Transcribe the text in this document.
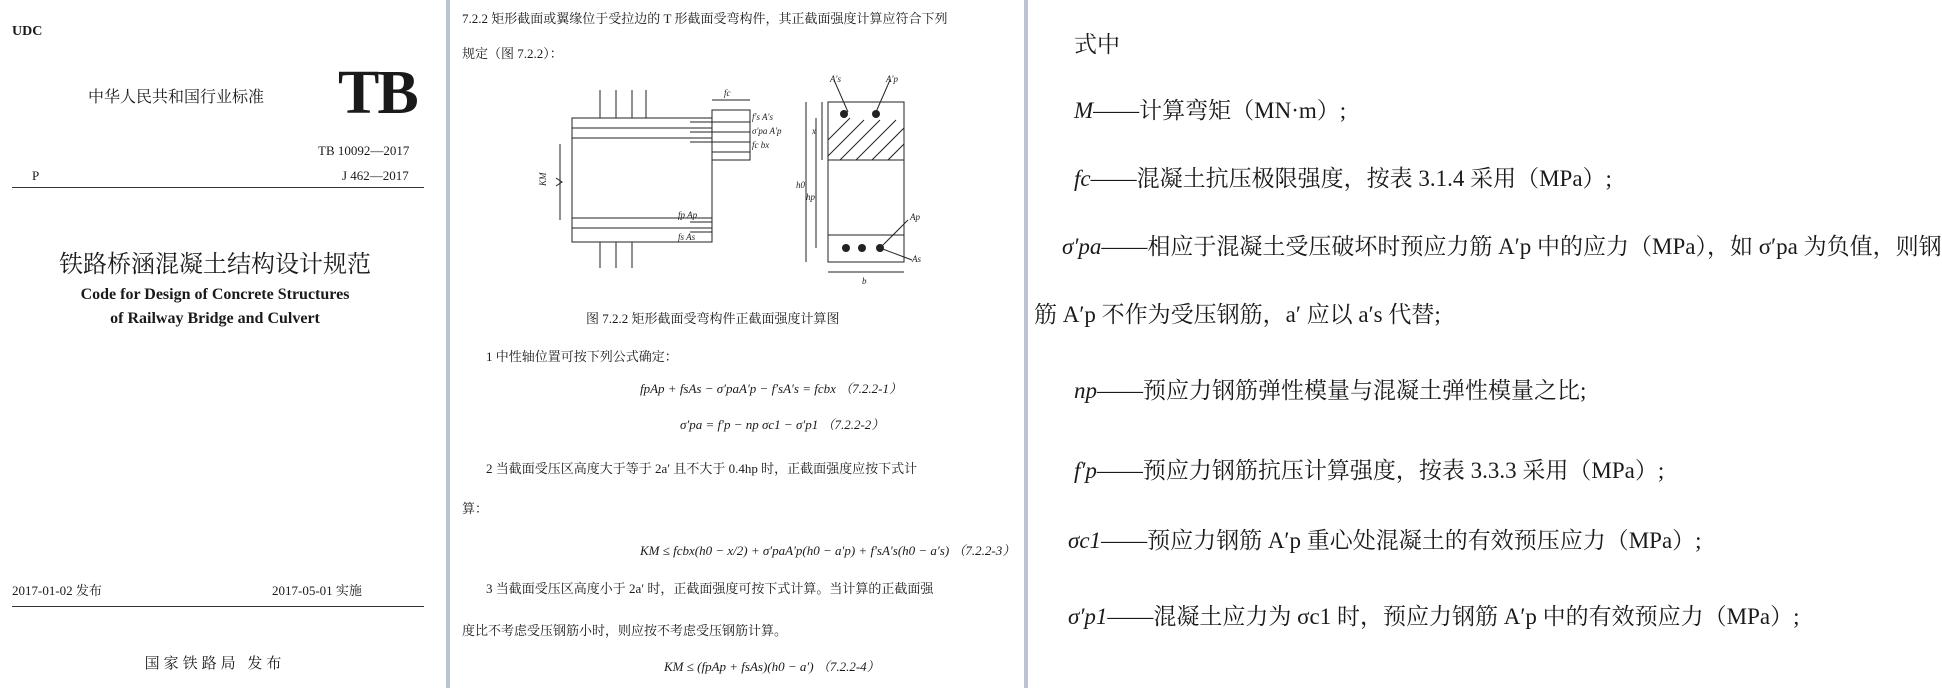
UDC
中华人民共和国行业标准 TB
TB 10092—2017
P	J 462—2017
铁路桥涵混凝土结构设计规范
Code for Design of Concrete Structures
of Railway Bridge and Culvert
2017-01-02 发布	2017-05-01 实施
国家铁路局 发布
7.2.2 矩形截面或翼缘位于受拉边的 T 形截面受弯构件，其正截面强度计算应符合下列
规定（图 7.2.2）：
fc
f′s A′s
σ′pa A′p
fc bx
KM
fp Ap
fs As
A′s	A′p
h0
hp
x
Ap
As
b
图 7.2.2 矩形截面受弯构件正截面强度计算图
1 中性轴位置可按下列公式确定：
fpAp + fsAs − σ′paA′p − f′sA′s = fcbx （7.2.2-1）
σ′pa = f′p − np σc1 − σ′p1 （7.2.2-2）
2 当截面受压区高度大于等于 2a′ 且不大于 0.4hp 时，正截面强度应按下式计
算：
KM ≤ fcbx(h0 − x/2) + σ′paA′p(h0 − a′p) + f′sA′s(h0 − a′s) （7.2.2-3）
3 当截面受压区高度小于 2a′ 时，正截面强度可按下式计算。当计算的正截面强
度比不考虑受压钢筋小时，则应按不考虑受压钢筋计算。
KM ≤ (fpAp + fsAs)(h0 − a′) （7.2.2-4）
式中
M——计算弯矩（MN·m）;
fc——混凝土抗压极限强度，按表 3.1.4 采用（MPa）;
σ′pa——相应于混凝土受压破坏时预应力筋 A′p 中的应力（MPa），如 σ′pa 为负值，则钢
筋 A′p 不作为受压钢筋，a′ 应以 a′s 代替;
np——预应力钢筋弹性模量与混凝土弹性模量之比;
f′p——预应力钢筋抗压计算强度，按表 3.3.3 采用（MPa）;
σc1——预应力钢筋 A′p 重心处混凝土的有效预压应力（MPa）;
σ′p1——混凝土应力为 σc1 时，预应力钢筋 A′p 中的有效预应力（MPa）;
